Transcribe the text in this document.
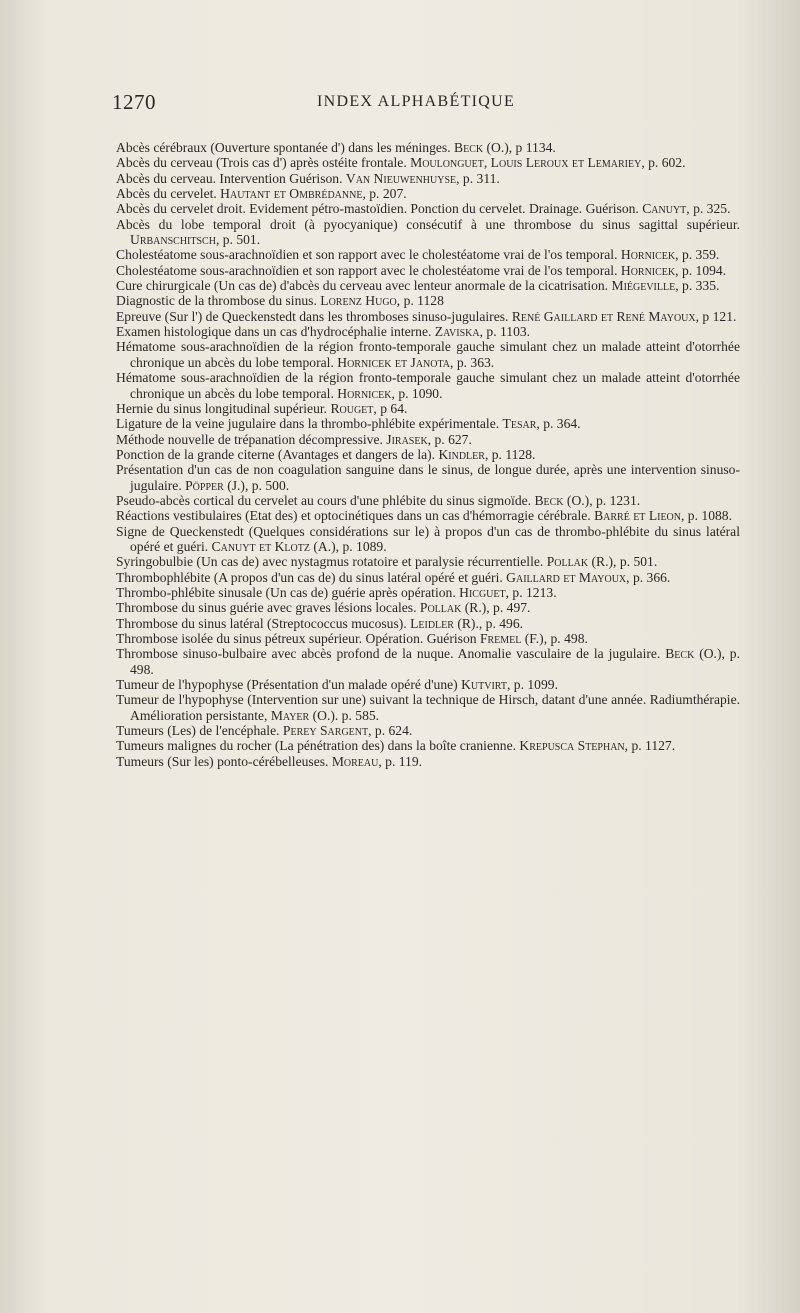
1270	INDEX ALPHABÉTIQUE

Abcès cérébraux (Ouverture spontanée d') dans les méninges. Beck (O.), p 1134.

Abcès du cerveau (Trois cas d') après ostéite frontale. Moulonguet, Louis Leroux et Lemariey, p. 602.

Abcès du cerveau. Intervention Guérison. Van Nieuwenhuyse, p. 311.

Abcès du cervelet. Hautant et Ombrédanne, p. 207.

Abcès du cervelet droit. Evidement pétro-mastoïdien. Ponction du cervelet. Drainage. Guérison. Canuyt, p. 325.

Abcès du lobe temporal droit (à pyocyanique) consécutif à une thrombose du sinus sagittal supérieur. Urbanschitsch, p. 501.

Cholestéatome sous-arachnoïdien et son rapport avec le cholestéatome vrai de l'os temporal. Hornicek, p. 359.

Cholestéatome sous-arachnoïdien et son rapport avec le cholestéatome vrai de l'os temporal. Hornicek, p. 1094.

Cure chirurgicale (Un cas de) d'abcès du cerveau avec lenteur anormale de la cicatrisation. Miégeville, p. 335.

Diagnostic de la thrombose du sinus. Lorenz Hugo, p. 1128

Epreuve (Sur l') de Queckenstedt dans les thromboses sinuso-jugulaires. René Gaillard et René Mayoux, p 121.

Examen histologique dans un cas d'hydrocéphalie interne. Zaviska, p. 1103.

Hématome sous-arachnoïdien de la région fronto-temporale gauche simulant chez un malade atteint d'otorrhée chronique un abcès du lobe temporal. Hornicek et Janota, p. 363.

Hématome sous-arachnoïdien de la région fronto-temporale gauche simulant chez un malade atteint d'otorrhée chronique un abcès du lobe temporal. Hornicek, p. 1090.

Hernie du sinus longitudinal supérieur. Rouget, p 64.

Ligature de la veine jugulaire dans la thrombo-phlébite expérimentale. Tesar, p. 364.

Méthode nouvelle de trépanation décompressive. Jirasek, p. 627.

Ponction de la grande citerne (Avantages et dangers de la). Kindler, p. 1128.

Présentation d'un cas de non coagulation sanguine dans le sinus, de longue durée, après une intervention sinuso-jugulaire. Pöpper (J.), p. 500.

Pseudo-abcès cortical du cervelet au cours d'une phlébite du sinus sigmoïde. Beck (O.), p. 1231.

Réactions vestibulaires (Etat des) et optocinétiques dans un cas d'hémorragie cérébrale. Barré et Lieon, p. 1088.

Signe de Queckenstedt (Quelques considérations sur le) à propos d'un cas de thrombo-phlébite du sinus latéral opéré et guéri. Canuyt et Klotz (A.), p. 1089.

Syringobulbie (Un cas de) avec nystagmus rotatoire et paralysie récurrentielle. Pollak (R.), p. 501.

Thrombophlébite (A propos d'un cas de) du sinus latéral opéré et guéri. Gaillard et Mayoux, p. 366.

Thrombo-phlébite sinusale (Un cas de) guérie après opération. Hicguet, p. 1213.

Thrombose du sinus guérie avec graves lésions locales. Pollak (R.), p. 497.

Thrombose du sinus latéral (Streptococcus mucosus). Leidler (R)., p. 496.

Thrombose isolée du sinus pétreux supérieur. Opération. Guérison Fremel (F.), p. 498.

Thrombose sinuso-bulbaire avec abcès profond de la nuque. Anomalie vasculaire de la jugulaire. Beck (O.), p. 498.

Tumeur de l'hypophyse (Présentation d'un malade opéré d'une) Kutvirt, p. 1099.

Tumeur de l'hypophyse (Intervention sur une) suivant la technique de Hirsch, datant d'une année. Radiumthérapie. Amélioration persistante, Mayer (O.). p. 585.

Tumeurs (Les) de l'encéphale. Perey Sargent, p. 624.

Tumeurs malignes du rocher (La pénétration des) dans la boîte cranienne. Krepusca Stephan, p. 1127.

Tumeurs (Sur les) ponto-cérébelleuses. Moreau, p. 119.
